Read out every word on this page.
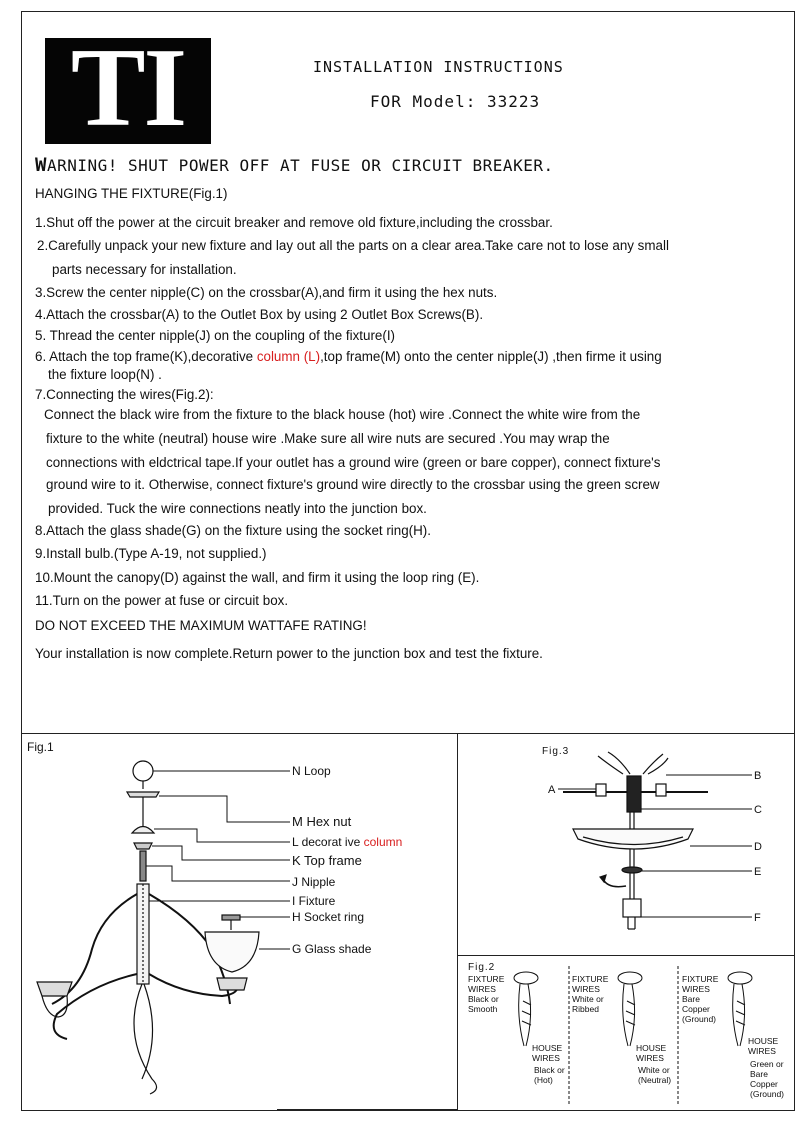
TI	INSTALLATION INSTRUCTIONS
FOR Model: 33223
WARNING! SHUT POWER OFF AT FUSE OR CIRCUIT BREAKER.
HANGING THE FIXTURE(Fig.1)
1.Shut off the power at the circuit breaker and remove old fixture,including the crossbar.
2.Carefully unpack your new fixture and lay out all the parts on a clear area.Take care not to lose any small
parts necessary for installation.
3.Screw the center nipple(C) on the crossbar(A),and firm it using the hex nuts.
4.Attach the crossbar(A) to the Outlet Box by using 2 Outlet Box Screws(B).
5. Thread the center nipple(J) on the coupling of the fixture(I)
6. Attach the top frame(K),decorative column (L),top frame(M) onto the center nipple(J) ,then firme it using
the fixture loop(N) .
7.Connecting the wires(Fig.2):
Connect the black wire from the fixture to the black house (hot) wire .Connect the white wire from the
fixture to the white (neutral) house wire .Make sure all wire nuts are secured .You may wrap the
connections with eldctrical tape.If your outlet has a ground wire (green or bare copper), connect fixture's
ground wire to it. Otherwise, connect fixture's ground wire directly to the crossbar using the green screw
provided. Tuck the wire connections neatly into the junction box.
8.Attach the glass shade(G) on the fixture using the socket ring(H).
9.Install bulb.(Type A-19, not supplied.)
10.Mount the canopy(D) against the wall, and firm it using the loop ring (E).
11.Turn on the power at fuse or circuit box.
DO NOT EXCEED THE MAXIMUM WATTAFE RATING!
Your installation is now complete.Return power to the junction box and test the fixture.
Fig.1
N Loop
M Hex nut
L decorat ive column
K Top frame
J Nipple
I Fixture
H Socket ring
G Glass shade
Fig.3
A
B
C
D
E
F
Fig.2
FIXTURE
WIRES
Black or
Smooth
HOUSE
WIRES
Black or
(Hot)
FIXTURE
WIRES
White or
Ribbed
HOUSE
WIRES
White or
(Neutral)
FIXTURE
WIRES
Bare
Copper
(Ground)
HOUSE
WIRES
Green or
Bare
Copper
(Ground)
